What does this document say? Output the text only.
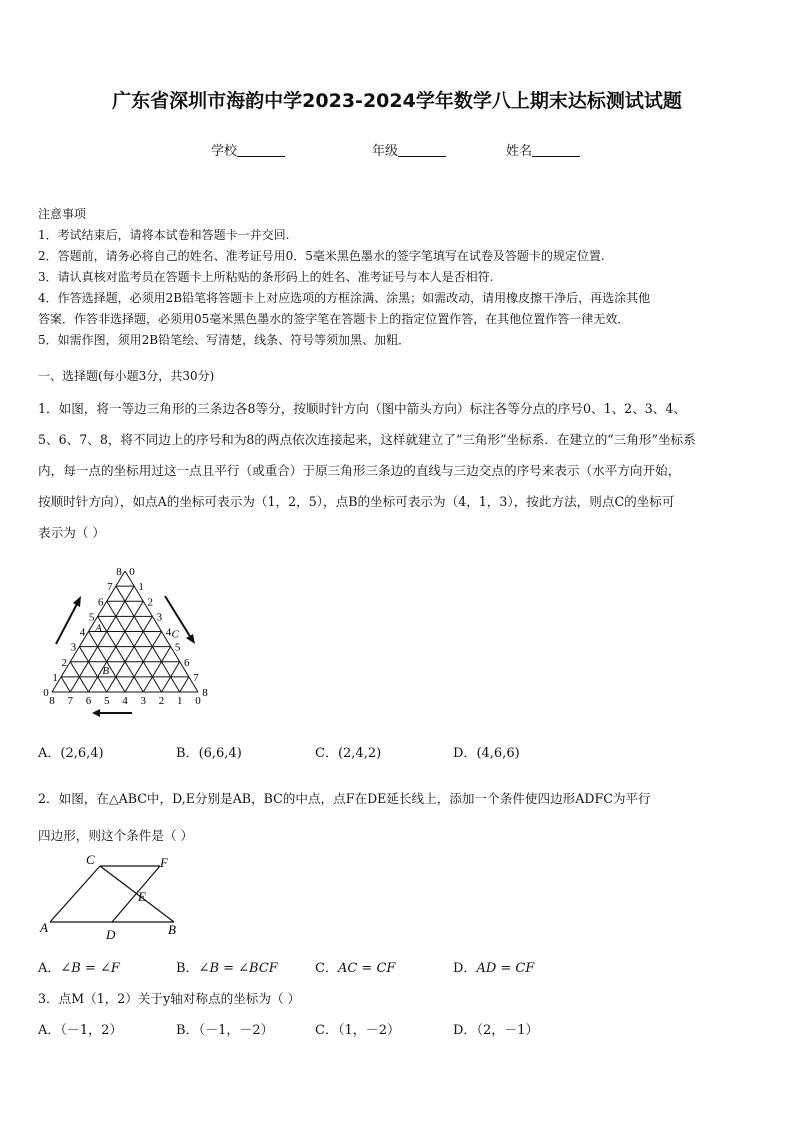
广东省深圳市海韵中学2023-2024学年数学八上期末达标测试试题
学校	年级	姓名
注意事项
1．考试结束后，请将本试卷和答题卡一并交回.
2．答题前，请务必将自己的姓名、准考证号用0．5毫米黑色墨水的签字笔填写在试卷及答题卡的规定位置.
3．请认真核对监考员在答题卡上所粘贴的条形码上的姓名、准考证号与本人是否相符.
4．作答选择题，必须用2B铅笔将答题卡上对应选项的方框涂满、涂黑；如需改动，请用橡皮擦干净后，再选涂其他
答案．作答非选择题，必须用05毫米黑色墨水的签字笔在答题卡上的指定位置作答，在其他位置作答一律无效．
5．如需作图，须用2B铅笔绘、写清楚，线条、符号等须加黑、加粗．
一、选择题(每小题3分，共30分)
1．如图，将一等边三角形的三条边各8等分，按顺时针方向（图中箭头方向）标注各等分点的序号0、1、2、3、4、
5、6、7、8，将不同边上的序号和为8的两点依次连接起来，这样就建立了“三角形”坐标系．在建立的“三角形”坐标系
内，每一点的坐标用过这一点且平行（或重合）于原三角形三条边的直线与三边交点的序号来表示（水平方向开始，
按顺时针方向），如点A的坐标可表示为（1，2，5），点B的坐标可表示为（4，1，3），按此方法，则点C的坐标可
表示为（ ）
0
1
2
3
4
5
6
7
8 0
1
2
3
4
5
6
7
8
8 7 6 5 4 3 2 1 0
A
B
C
A．(2,6,4)	B．(6,6,4)	C．(2,4,2)	D．(4,6,6)
2．如图，在△ABC中，D,E分别是AB，BC的中点，点F在DE延长线上，添加一个条件使四边形ADFC为平行
四边形，则这个条件是（ ）
C	F
E
A	D	B
A．∠B = ∠F	B．∠B = ∠BCF	C．AC = CF	D．AD = CF
3．点M（1，2）关于y轴对称点的坐标为（ ）
A．（－1，2）	B．（－1，－2）	C．（1，－2）	D．（2，－1）
